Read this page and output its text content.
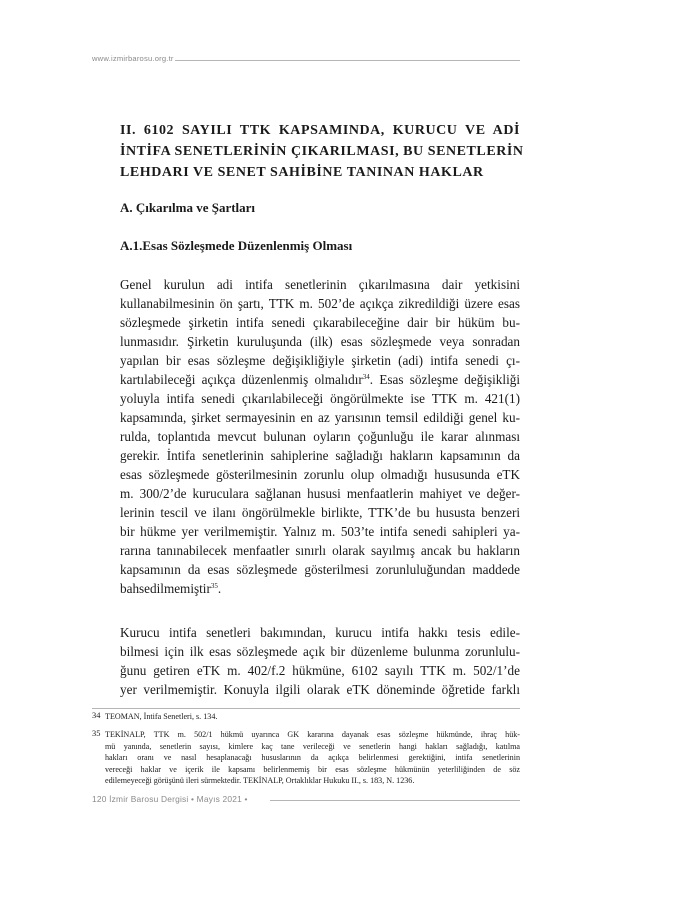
www.izmirbarosu.org.tr
II. 6102 SAYILI TTK KAPSAMINDA, KURUCU VE ADİ
İNTİFA SENETLERİNİN ÇIKARILMASI, BU SENETLERİN
LEHDARI VE SENET SAHİBİNE TANINAN HAKLAR
A. Çıkarılma ve Şartları
A.1.Esas Sözleşmede Düzenlenmiş Olması
Genel kurulun adi intifa senetlerinin çıkarılmasına dair yetkisini
kullanabilmesinin ön şartı, TTK m. 502’de açıkça zikredildiği üzere esas
sözleşmede şirketin intifa senedi çıkarabileceğine dair bir hüküm bu-
lunmasıdır. Şirketin kuruluşunda (ilk) esas sözleşmede veya sonradan
yapılan bir esas sözleşme değişikliğiyle şirketin (adi) intifa senedi çı-
kartılabileceği açıkça düzenlenmiş olmalıdır$^{34}$. Esas sözleşme değişikliği
yoluyla intifa senedi çıkarılabileceği öngörülmekte ise TTK m. 421(1)
kapsamında, şirket sermayesinin en az yarısının temsil edildiği genel ku-
rulda, toplantıda mevcut bulunan oyların çoğunluğu ile karar alınması
gerekir. İntifa senetlerinin sahiplerine sağladığı hakların kapsamının da
esas sözleşmede gösterilmesinin zorunlu olup olmadığı hususunda eTK
m. 300/2’de kuruculara sağlanan hususi menfaatlerin mahiyet ve değer-
lerinin tescil ve ilanı öngörülmekle birlikte, TTK’de bu hususta benzeri
bir hükme yer verilmemiştir. Yalnız m. 503’te intifa senedi sahipleri ya-
rarına tanınabilecek menfaatler sınırlı olarak sayılmış ancak bu hakların
kapsamının da esas sözleşmede gösterilmesi zorunluluğundan maddede
bahsedilmemiştir$^{35}$.
Kurucu intifa senetleri bakımından, kurucu intifa hakkı tesis edile-
bilmesi için ilk esas sözleşmede açık bir düzenleme bulunma zorunlulu-
ğunu getiren eTK m. 402/f.2 hükmüne, 6102 sayılı TTK m. 502/1’de
yer verilmemiştir. Konuyla ilgili olarak eTK döneminde öğretide farklı
34 TEOMAN, İntifa Senetleri, s. 134.
35 TEKİNALP, TTK m. 502/1 hükmü uyarınca GK kararına dayanak esas sözleşme hükmünde, ihraç hük-
mü yanında, senetlerin sayısı, kimlere kaç tane verileceği ve senetlerin hangi hakları sağladığı, katılma
hakları oranı ve nasıl hesaplanacağı hususlarının da açıkça belirlenmesi gerektiğini, intifa senetlerinin
vereceği haklar ve içerik ile kapsamı belirlenmemiş bir esas sözleşme hükmünün yeterliliğinden de söz
edilemeyeceği görüşünü ileri sürmektedir. TEKİNALP, Ortaklıklar Hukuku II., s. 183, N. 1236.
120 İzmir Barosu Dergisi • Mayıs 2021 •
